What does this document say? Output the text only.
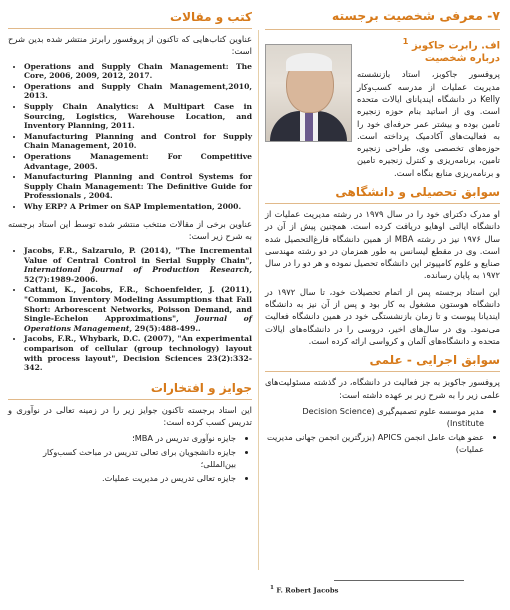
۷- معرفی شخصیت برجسته
اف. رابرت جاکوبز $^1$
درباره شخصیت

پروفسور جاکوبز، استاد بازنشسته مدیریت عملیات از مدرسه کسب‌وکار Kelly در دانشگاه ایندیانای ایالات متحده است. وی از اساتید بنام حوزه زنجیره تامین بوده و بیشتر عمر حرفه‌ای خود را به فعالیت‌های آکادمیک پرداخته است. حوزه‌های تخصصی وی، طراحی زنجیره تامین، برنامه‌ریزی و کنترل زنجیره تامین و برنامه‌ریزی منابع بنگاه است.

سوابق تحصیلی و دانشگاهی

او مدرک دکترای خود را در سال ۱۹۷۹ در رشته مدیریت عملیات از دانشگاه ایالتی اوهایو دریافت کرده است. همچنین پیش از آن در سال ۱۹۷۶ نیز در رشته MBA از همین دانشگاه فارغ‌التحصیل شده است. وی در مقطع لیسانس به طور همزمان در دو رشته مهندسی صنایع و علوم کامپیوتر این دانشگاه تحصیل نموده و هر دو را در سال ۱۹۷۲ به پایان رسانده.

این استاد برجسته پس از اتمام تحصیلات خود، تا سال ۱۹۷۲ در دانشگاه هوستون مشغول به کار بود و پس از آن نیز به دانشگاه ایندیانا پیوست و تا زمان بازنشستگی خود در همین دانشگاه فعالیت می‌نمود. وی در سال‌های اخیر، دروسی را در دانشگاه‌های ایالات متحده و دانشگاه‌های آلمان و کرواسی ارائه کرده است.

سوابق اجرایی - علمی

پروفسور جاکوبز به جز فعالیت در دانشگاه، در گذشته مسئولیت‌های علمی زیر را به شرح زیر بر عهده داشته است:

• مدیر موسسه علوم تصمیم‌گیری (Decision Science Institute)
• عضو هیات عامل انجمن APICS (بزرگترین انجمن جهانی مدیریت عملیات)
کتب و مقالات

عناوین کتاب‌هایی که تاکنون از پروفسور رابرتز منتشر شده بدین شرح است:

• Operations and Supply Chain Management: The Core, 2006, 2009, 2012, 2017.
• Operations and Supply Chain Management,2010, 2013.
• Supply Chain Analytics: A Multipart Case in Sourcing, Logistics, Warehouse Location, and Inventory Planning, 2011.
• Manufacturing Planning and Control for Supply Chain Management, 2010.
• Operations Management: For Competitive Advantage, 2005.
• Manufacturing Planning and Control Systems for Supply Chain Management: The Definitive Guide for Professionals , 2004.
• Why ERP? A Primer on SAP Implementation, 2000.

عناوین برخی از مقالات منتخب منتشر شده توسط این استاد برجسته به شرح زیر است:

• Jacobs, F.R., Salzarulo, P. (2014), "The Incremental Value of Central Control in Serial Supply Chain", International Journal of Production Research, 52(7):1989-2006.
• Cattani, K., Jacobs, F.R., Schoenfelder, J. (2011), "Common Inventory Modeling Assumptions that Fall Short: Arborescent Networks, Poisson Demand, and Single-Echelon Approximations", Journal of Operations Management, 29(5):488-499..
• Jacobs, F.R., Whybark, D.C. (2007), "An experimental comparison of cellular (group technology) layout with process layout", Decision Sciences 23(2):332-342.
جوایز و افتخارات

این استاد برجسته تاکنون جوایز زیر را در زمینه تعالی در نوآوری و تدریس کسب کرده است:

• جایزه نوآوری تدریس در MBA؛
• جایزه دانشجویان برای تعالی تدریس در مباحث کسب‌وکار بین‌المللی؛
• جایزه تعالی تدریس در مدیریت عملیات.
$^1$ F. Robert Jacobs
